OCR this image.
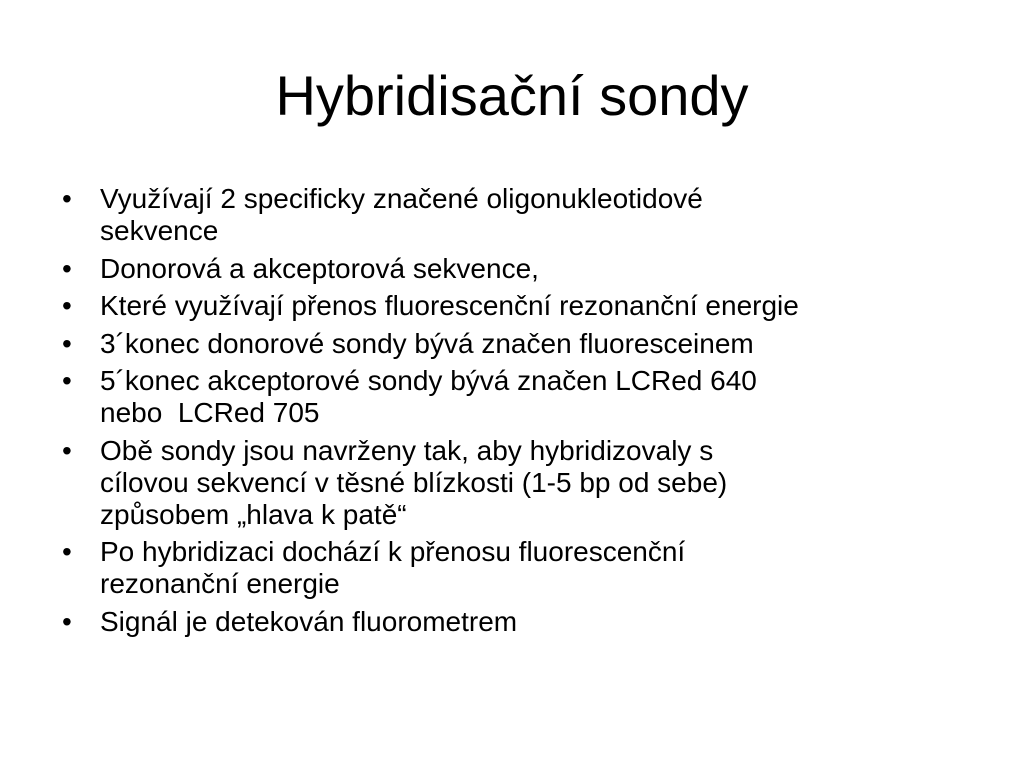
Hybridisační sondy
•	Využívají 2 specificky značené oligonukleotidové
sekvence
•	Donorová a akceptorová sekvence,
•	Které využívají přenos fluorescenční rezonanční energie
•	3´konec donorové sondy bývá značen fluoresceinem
•	5´konec akceptorové sondy bývá značen LCRed 640
nebo  LCRed 705
•	Obě sondy jsou navrženy tak, aby hybridizovaly s
cílovou sekvencí v těsné blízkosti (1-5 bp od sebe)
způsobem „hlava k patě“
•	Po hybridizaci dochází k přenosu fluorescenční
rezonanční energie
•	Signál je detekován fluorometrem
